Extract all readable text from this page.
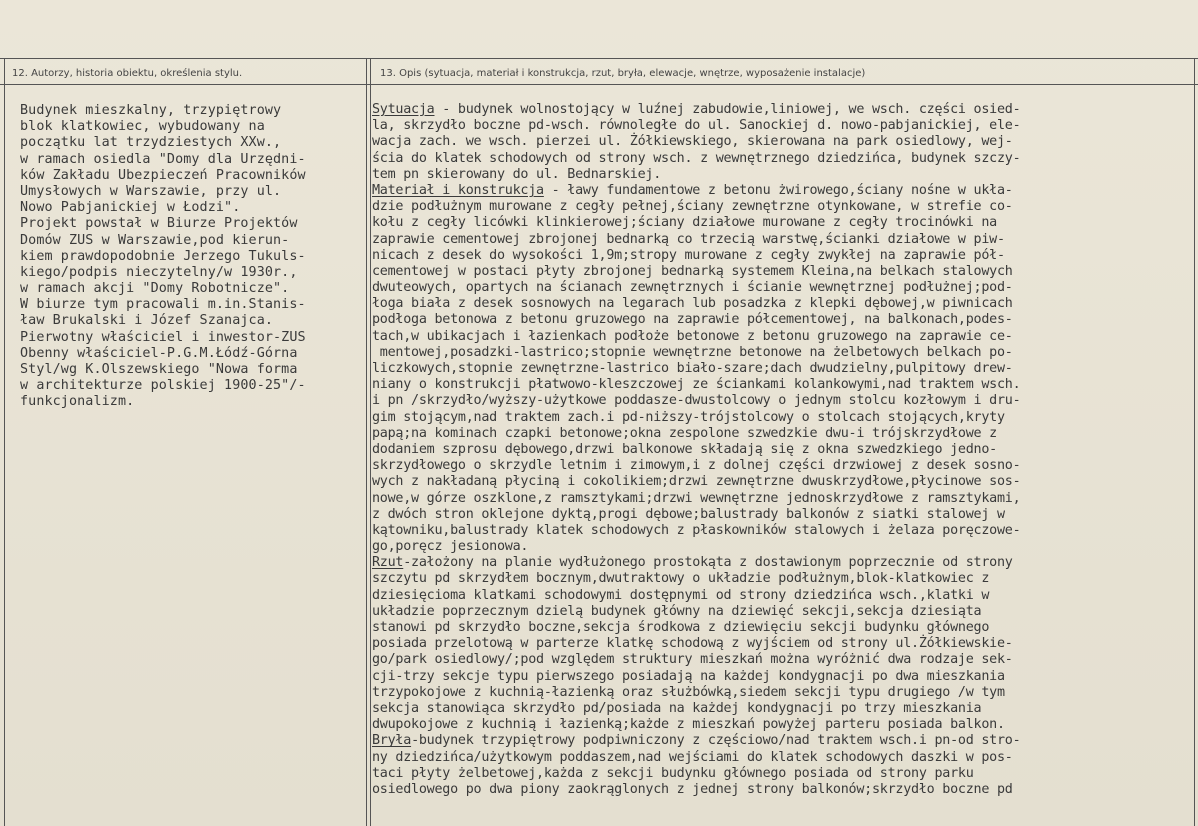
12. Autorzy, historia obiektu, określenia stylu.	13. Opis (sytuacja, materiał i konstrukcja, rzut, bryła, elewacje, wnętrze, wyposażenie instalacje)
Budynek mieszkalny, trzypiętrowy
blok klatkowiec, wybudowany na
początku lat trzydziestych XXw.,
w ramach osiedla "Domy dla Urzędni-
ków Zakładu Ubezpieczeń Pracowników
Umysłowych w Warszawie, przy ul.
Nowo Pabjanickiej w Łodzi".
Projekt powstał w Biurze Projektów
Domów ZUS w Warszawie,pod kierun-
kiem prawdopodobnie Jerzego Tukuls-
kiego/podpis nieczytelny/w 1930r.,
w ramach akcji "Domy Robotnicze".
W biurze tym pracowali m.in.Stanis-
ław Brukalski i Józef Szanajca.
Pierwotny właściciel i inwestor-ZUS
Obenny właściciel-P.G.M.Łódź-Górna
Styl/wg K.Olszewskiego "Nowa forma
w architekturze polskiej 1900-25"/-
funkcjonalizm.
Sytuacja - budynek wolnostojący w luźnej zabudowie,liniowej, we wsch. części osied-
la, skrzydło boczne pd-wsch. równoległe do ul. Sanockiej d. nowo-pabjanickiej, ele-
wacja zach. we wsch. pierzei ul. Żółkiewskiego, skierowana na park osiedlowy, wej-
ścia do klatek schodowych od strony wsch. z wewnętrznego dziedzińca, budynek szczy-
tem pn skierowany do ul. Bednarskiej.
Materiał i konstrukcja - ławy fundamentowe z betonu żwirowego,ściany nośne w ukła-
dzie podłużnym murowane z cegły pełnej,ściany zewnętrzne otynkowane, w strefie co-
kołu z cegły licówki klinkierowej;ściany działowe murowane z cegły trocinówki na
zaprawie cementowej zbrojonej bednarką co trzecią warstwę,ścianki działowe w piw-
nicach z desek do wysokości 1,9m;stropy murowane z cegły zwykłej na zaprawie pół-
cementowej w postaci płyty zbrojonej bednarką systemem Kleina,na belkach stalowych
dwuteowych, opartych na ścianach zewnętrznych i ścianie wewnętrznej podłużnej;pod-
łoga biała z desek sosnowych na legarach lub posadzka z klepki dębowej,w piwnicach
podłoga betonowa z betonu gruzowego na zaprawie półcementowej, na balkonach,podes-
tach,w ubikacjach i łazienkach podłoże betonowe z betonu gruzowego na zaprawie ce-
mentowej,posadzki-lastrico;stopnie wewnętrzne betonowe na żelbetowych belkach po-
liczkowych,stopnie zewnętrzne-lastrico biało-szare;dach dwudzielny,pulpitowy drew-
niany o konstrukcji płatwowo-kleszczowej ze ściankami kolankowymi,nad traktem wsch.
i pn /skrzydło/wyższy-użytkowe poddasze-dwustolcowy o jednym stolcu kozłowym i dru-
gim stojącym,nad traktem zach.i pd-niższy-trójstolcowy o stolcach stojących,kryty
papą;na kominach czapki betonowe;okna zespolone szwedzkie dwu-i trójskrzydłowe z
dodaniem szprosu dębowego,drzwi balkonowe składają się z okna szwedzkiego jedno-
skrzydłowego o skrzydle letnim i zimowym,i z dolnej części drzwiowej z desek sosno-
wych z nakładaną płyciną i cokolikiem;drzwi zewnętrzne dwuskrzydłowe,płycinowe sos-
nowe,w górze oszklone,z ramsztykami;drzwi wewnętrzne jednoskrzydłowe z ramsztykami,
z dwóch stron oklejone dyktą,progi dębowe;balustrady balkonów z siatki stalowej w
kątowniku,balustrady klatek schodowych z płaskowników stalowych i żelaza poręczowe-
go,poręcz jesionowa.
Rzut-założony na planie wydłużonego prostokąta z dostawionym poprzecznie od strony
szczytu pd skrzydłem bocznym,dwutraktowy o układzie podłużnym,blok-klatkowiec z
dziesięcioma klatkami schodowymi dostępnymi od strony dziedzińca wsch.,klatki w
układzie poprzecznym dzielą budynek główny na dziewięć sekcji,sekcja dziesiąta
stanowi pd skrzydło boczne,sekcja środkowa z dziewięciu sekcji budynku głównego
posiada przelotową w parterze klatkę schodową z wyjściem od strony ul.Żółkiewskie-
go/park osiedlowy/;pod względem struktury mieszkań można wyróżnić dwa rodzaje sek-
cji-trzy sekcje typu pierwszego posiadają na każdej kondygnacji po dwa mieszkania
trzypokojowe z kuchnią-łazienką oraz służbówką,siedem sekcji typu drugiego /w tym
sekcja stanowiąca skrzydło pd/posiada na każdej kondygnacji po trzy mieszkania
dwupokojowe z kuchnią i łazienką;każde z mieszkań powyżej parteru posiada balkon.
Bryła-budynek trzypiętrowy podpiwniczony z częściowo/nad traktem wsch.i pn-od stro-
ny dziedzińca/użytkowym poddaszem,nad wejściami do klatek schodowych daszki w pos-
taci płyty żelbetowej,każda z sekcji budynku głównego posiada od strony parku
osiedlowego po dwa piony zaokrąglonych z jednej strony balkonów;skrzydło boczne pd
